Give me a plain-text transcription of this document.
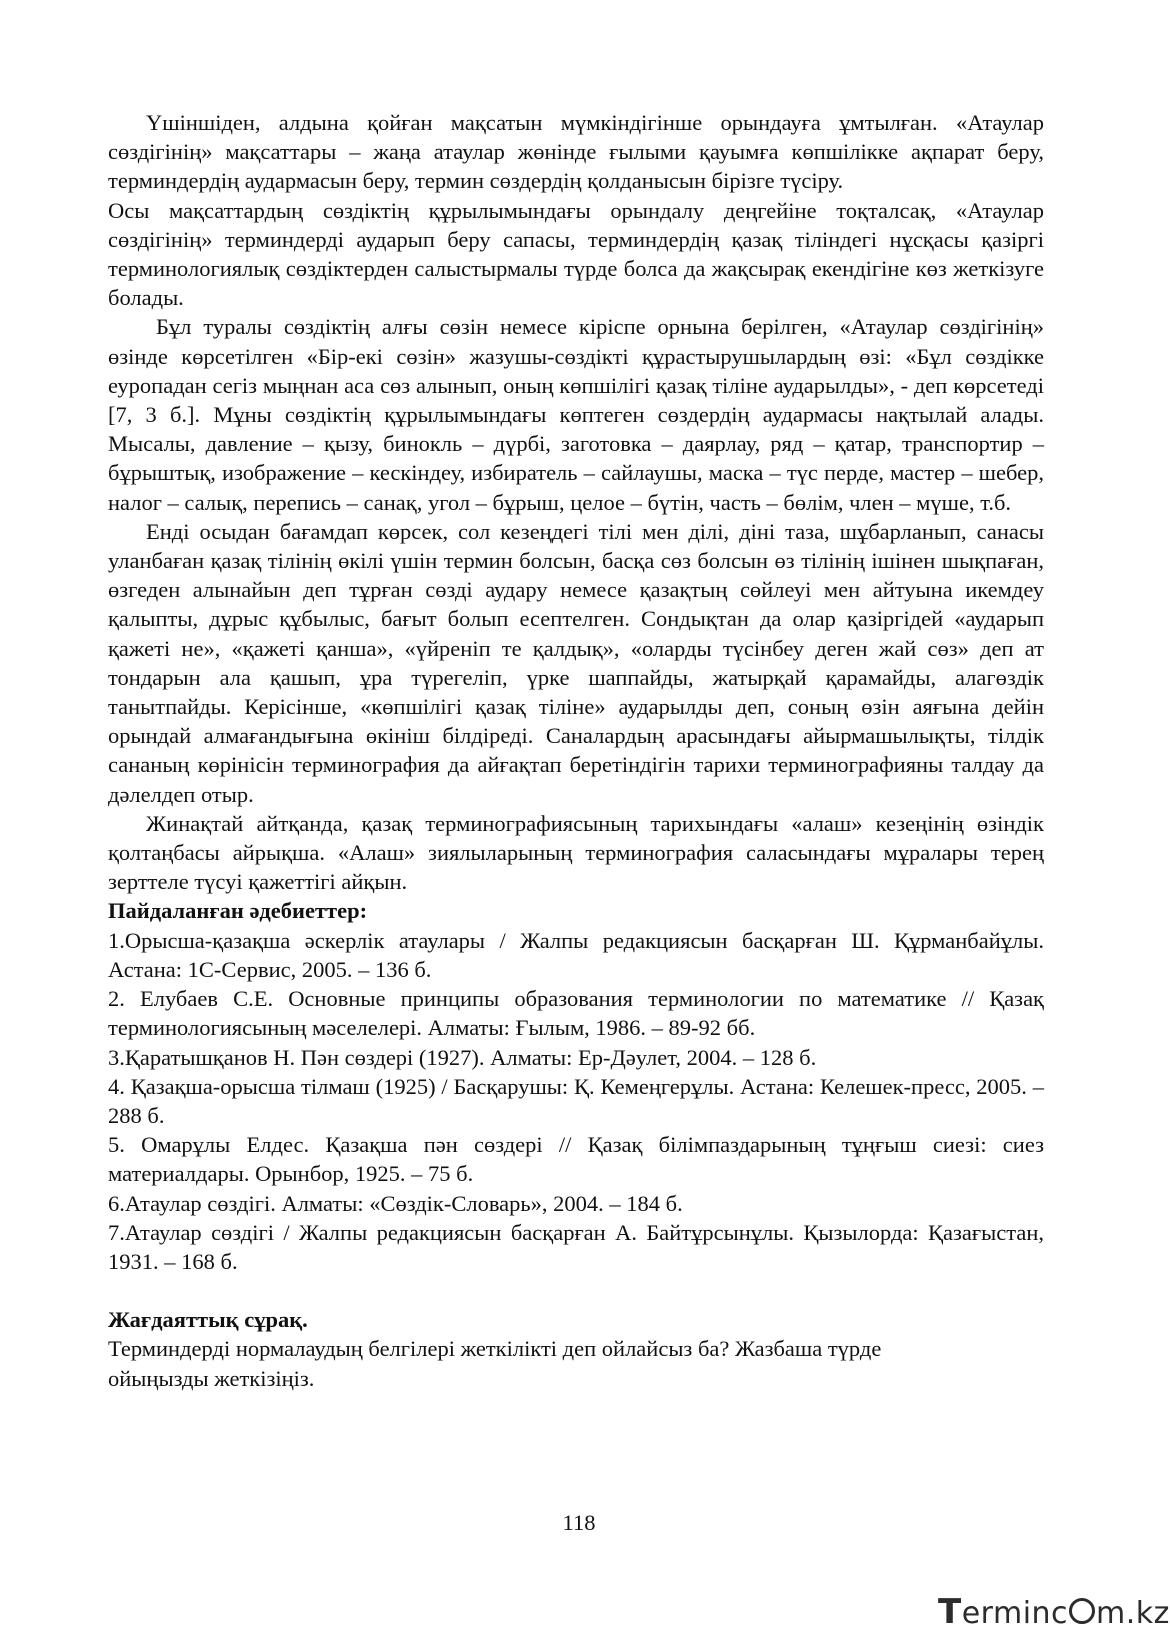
Үшіншіден, алдына қойған мақсатын мүмкіндігінше орындауға ұмтылған. «Атаулар сөздігінің» мақсаттары – жаңа атаулар жөнінде ғылыми қауымға көпшілікке ақпарат беру, терминдердің аудармасын беру, термин сөздердің қолданысын бірізге түсіру.

Осы мақсаттардың сөздіктің құрылымындағы орындалу деңгейіне тоқталсақ, «Атаулар сөздігінің» терминдерді аударып беру сапасы, терминдердің қазақ тіліндегі нұсқасы қазіргі терминологиялық сөздіктерден салыстырмалы түрде болса да жақсырақ екендігіне көз жеткізуге болады.

Бұл туралы сөздіктің алғы сөзін немесе кіріспе орнына берілген, «Атаулар сөздігінің» өзінде көрсетілген «Бір-екі сөзін» жазушы-сөздікті құрастырушылардың өзі: «Бұл сөздікке еуропадан сегіз мыңнан аса сөз алынып, оның көпшілігі қазақ тіліне аударылды», - деп көрсетеді [7, 3 б.]. Мұны сөздіктің құрылымындағы көптеген сөздердің аудармасы нақтылай алады. Мысалы, давление – қызу, бинокль – дүрбі, заготовка – даярлау, ряд – қатар, транспортир – бұрыштық, изображение – кескіндеу, избиратель – сайлаушы, маска – түс перде, мастер – шебер, налог – салық, перепись – санақ, угол – бұрыш, целое – бүтін, часть – бөлім, член – мүше, т.б.

Енді осыдан бағамдап көрсек, сол кезеңдегі тілі мен ділі, діні таза, шұбарланып, санасы уланбаған қазақ тілінің өкілі үшін термин болсын, басқа сөз болсын өз тілінің ішінен шықпаған, өзгеден алынайын деп тұрған сөзді аудару немесе қазақтың сөйлеуі мен айтуына икемдеу қалыпты, дұрыс құбылыс, бағыт болып есептелген. Сондықтан да олар қазіргідей «аударып қажеті не», «қажеті қанша», «үйреніп те қалдық», «оларды түсінбеу деген жай сөз» деп ат тондарын ала қашып, ұра түрегеліп, үрке шаппайды, жатырқай қарамайды, алагөздік танытпайды. Керісінше, «көпшілігі қазақ тіліне» аударылды деп, соның өзін аяғына дейін орындай алмағандығына өкініш білдіреді. Саналардың арасындағы айырмашылықты, тілдік сананың көрінісін терминография да айғақтап беретіндігін тарихи терминографияны талдау да дәлелдеп отыр.

Жинақтай айтқанда, қазақ терминографиясының тарихындағы «алаш» кезеңінің өзіндік қолтаңбасы айрықша. «Алаш» зиялыларының терминография саласындағы мұралары терең зерттеле түсуі қажеттігі айқын.

Пайдаланған әдебиеттер:

1.Орысша-қазақша әскерлік атаулары / Жалпы редакциясын басқарған Ш. Құрманбайұлы. Астана: 1С-Сервис, 2005. – 136 б.

2. Елубаев С.Е. Основные принципы образования терминологии по математике // Қазақ терминологиясының мәселелері. Алматы: Ғылым, 1986. – 89-92 бб.

3.Қаратышқанов Н. Пән сөздері (1927). Алматы: Ер-Дәулет, 2004. – 128 б.

4. Қазақша-орысша тілмаш (1925) / Басқарушы: Қ. Кемеңгерұлы. Астана: Келешек-пресс, 2005. – 288 б.

5. Омарұлы Елдес. Қазақша пән сөздері // Қазақ білімпаздарының тұңғыш сиезі: сиез материалдары. Орынбор, 1925. – 75 б.

6.Атаулар сөздігі. Алматы: «Сөздік-Словарь», 2004. – 184 б.

7.Атаулар сөздігі / Жалпы редакциясын басқарған А. Байтұрсынұлы. Қызылорда: Қазағыстан, 1931. – 168 б.

Жағдаяттық сұрақ.

Терминдерді нормалаудың белгілері жеткілікті деп ойлайсыз ба? Жазбаша түрде

ойыңызды жеткізіңіз.

118
Terminc m.kz
